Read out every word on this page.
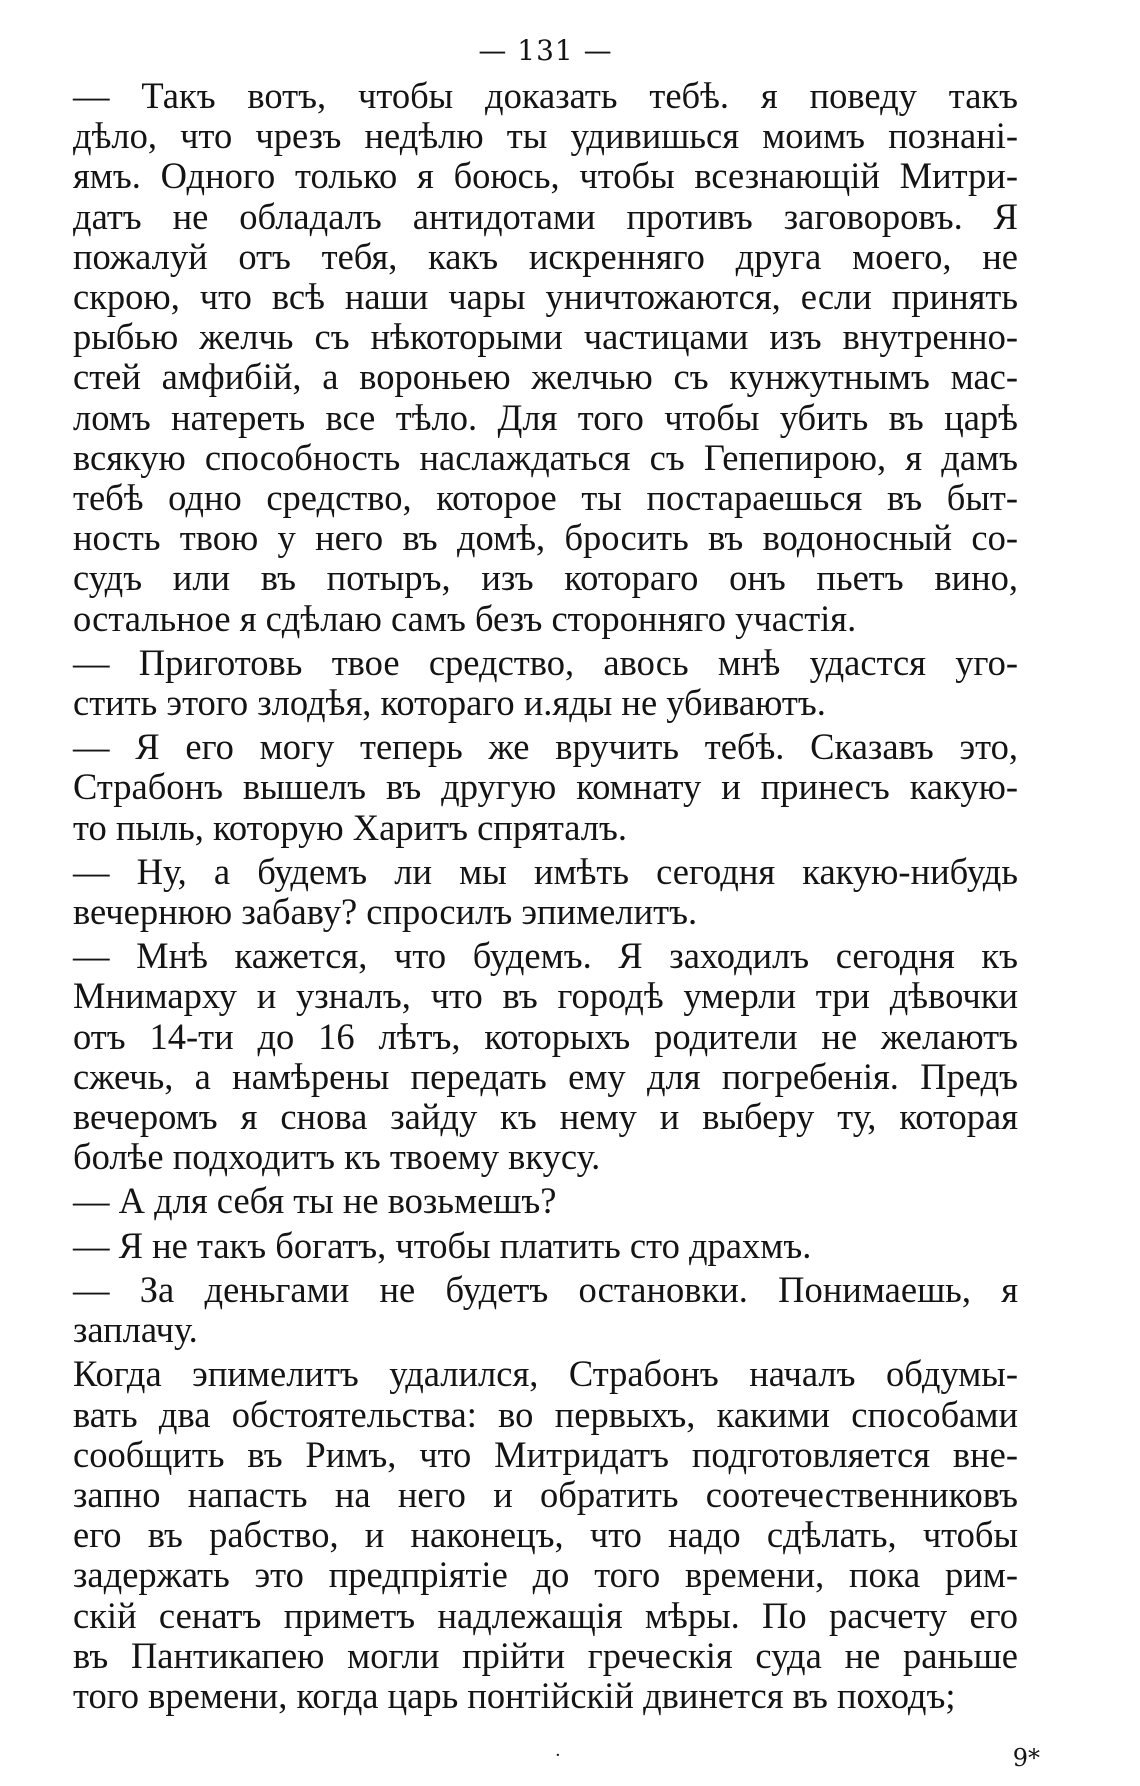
— 131 —

— Такъ вотъ, чтобы доказать тебѣ. я поведу такъ
дѣло, что чрезъ недѣлю ты удивишься моимъ познані-
ямъ. Одного только я боюсь, чтобы всезнающій Митри-
датъ не обладалъ антидотами противъ заговоровъ. Я
пожалуй отъ тебя, какъ искренняго друга моего, не
скрою, что всѣ наши чары уничтожаются, если принять
рыбью желчь съ нѣкоторыми частицами изъ внутренно-
стей амфибій, а вороньею желчью съ кунжутнымъ мас-
ломъ натереть все тѣло. Для того чтобы убить въ царѣ
всякую способность наслаждаться съ Гепепирою, я дамъ
тебѣ одно средство, которое ты постараешься въ быт-
ность твою у него въ домѣ, бросить въ водоносный со-
судъ или въ потыръ, изъ котораго онъ пьетъ вино,
остальное я сдѣлаю самъ безъ сторонняго участія.

— Приготовь твое средство, авось мнѣ удастся уго-
стить этого злодѣя, котораго и.яды не убиваютъ.

— Я его могу теперь же вручить тебѣ. Сказавъ это,
Страбонъ вышелъ въ другую комнату и принесъ какую-
то пыль, которую Харитъ спряталъ.

— Ну, а будемъ ли мы имѣть сегодня какую-нибудь
вечернюю забаву? спросилъ эпимелитъ.

— Мнѣ кажется, что будемъ. Я заходилъ сегодня къ
Мнимарху и узналъ, что въ городѣ умерли три дѣвочки
отъ 14-ти до 16 лѣтъ, которыхъ родители не желаютъ
сжечь, а намѣрены передать ему для погребенія. Предъ
вечеромъ я снова зайду къ нему и выберу ту, которая
болѣе подходитъ къ твоему вкусу.

— А для себя ты не возьмешъ?

— Я не такъ богатъ, чтобы платить сто драхмъ.

— За деньгами не будетъ остановки. Понимаешь, я
заплачу.

Когда эпимелитъ удалился, Страбонъ началъ обдумы-
вать два обстоятельства: во первыхъ, какими способами
сообщить въ Римъ, что Митридатъ подготовляется вне-
запно напасть на него и обратить соотечественниковъ
его въ рабство, и наконецъ, что надо сдѣлать, чтобы
задержать это предпріятіе до того времени, пока рим-
скій сенатъ приметъ надлежащія мѣры. По расчету его
въ Пантикапею могли прійти греческія суда не раньше
того времени, когда царь понтійскій двинется въ походъ;

·	9*
